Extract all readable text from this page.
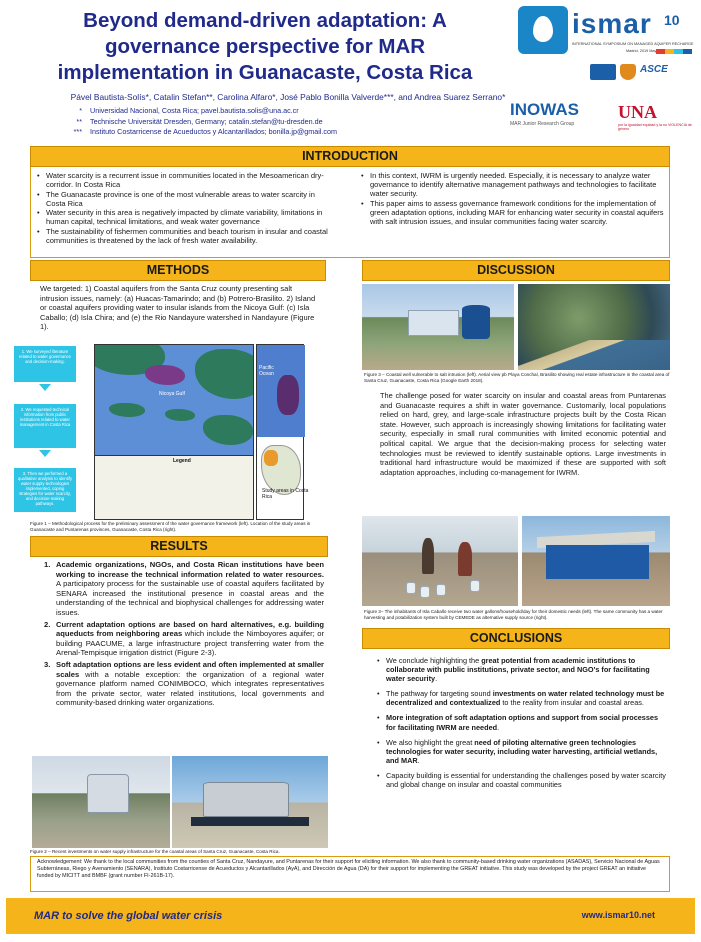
Beyond demand-driven adaptation: A governance perspective for MAR implementation in Guanacaste, Costa Rica
ismar 10
INTERNATIONAL SYMPOSIUM ON MANAGED AQUIFER RECHARGE
Madrid, 2019 May
ASCE
Pável Bautista-Solís*, Catalin Stefan**, Carolina Alfaro*, José Pablo Bonilla Valverde***, and Andrea Suarez Serrano*
* Universidad Nacional, Costa Rica; pavel.bautista.solis@una.ac.cr
** Technische Universität Dresden, Germany; catalin.stefan@tu-dresden.de
*** Instituto Costarricense de Acueductos y Alcantarillados; bonilla.jp@gmail.com
INOWAS
MAR Junior Research Group
UNA
por la igualdad equidad y la no VIOLENCIA de género
INTRODUCTION
• Water scarcity is a recurrent issue in communities located in the Mesoamerican dry-corridor. In Costa Rica
• The Guanacaste province is one of the most vulnerable areas to water scarcity in Costa Rica
• Water security in this area is negatively impacted by climate variability, limitations in human capital, technical limitations, and weak water governance
• The sustainability of fishermen communities and beach tourism in insular and coastal communities is threatened by the lack of fresh water availability.
• In this context, IWRM is urgently needed. Especially, it is necessary to analyze water governance to identify alternative management pathways and technologies to facilitate water security.
• This paper aims to assess governance framework conditions for the implementation of green adaptation options, including MAR for enhancing water security in coastal aquifers with salt intrusion issues, and insular communities facing water scarcity.
METHODS
We targeted: 1) Coastal aquifers from the Santa Cruz county presenting salt intrusion issues, namely: (a) Huacas-Tamarindo; and (b) Potrero-Brasilito. 2) Island or coastal aquifers providing water to insular islands from the Nicoya Gulf: (c) Isla Caballo; (d) Isla Chira; and (e) the Rio Nandayure watershed in Nandayure (Figure 1).
1. We surveyed literature related to water governance and decision-making.
2. We requested technical information from public institutions related to water management in Costa Rica
3. Then we performed a qualitative analysis to identify water supply technologies implemented, coping strategies for water scarcity, and decision-making pathways.
Nicoya Gulf
Legend
Pacific Ocean
Study areas in Costa Rica
Figure 1 – Methodological process for the preliminary assessment of the water governance framework (left). Location of the study areas in Guanacaste and Puntarenas provinces, Guanacaste, Costa Rica (right).
RESULTS
1. Academic organizations, NGOs, and Costa Rican institutions have been working to increase the technical information related to water resources. A participatory process for the sustainable use of coastal aquifers facilitated by SENARA increased the institutional presence in coastal areas and the understanding of the technical and biophysical challenges for addressing water issues.
2. Current adaptation options are based on hard alternatives, e.g. building aqueducts from neighboring areas which include the Nimboyores aquifer; or building PAACUME, a large infrastructure project transferring water from the Arenal-Tempisque irrigation district (Figure 2-3).
3. Soft adaptation options are less evident and often implemented at smaller scales with a notable exception: the organization of a regional water governance platform named CONIMBOCO, which integrates representatives from the private sector, water related institutions, local governments and community-based drinking water organizations.
Figure 2 – Recent investments on water supply infrastructure for the coastal areas of Santa Cruz, Guanacaste, Costa Rica.
DISCUSSION
Figure 3 – Coastal well vulnerable to salt intrusion (left). Aerial view pb Playa Conchal, Brasilito showing real estate infrastructure in the coastal area of Santa Cruz, Guanacaste, Costa Rica (Google Earth 2018).
The challenge posed for water scarcity on insular and coastal areas from Puntarenas and Guanacaste requires a shift in water governance. Customarily, local populations relied on hard, grey, and large-scale infrastructure projects built by the Costa Rican state. However, such approach is increasingly showing limitations for facilitating water security, especially in small rural communities with limited economic potential and political capital. We argue that the decision-making process for selecting water technologies must be reviewed to identify sustainable options. Large investments in traditional hard infrastructure would be maximized if these are supported with soft adaptation approaches, including co-management for IWRM.
Figure 3– The inhabitants of Isla Caballo receive two water gallons/household/day for their domestic needs (left). The same community has a water harvesting and potabilization system built by CEMEDE as alternative supply source (right).
CONCLUSIONS
• We conclude highlighting the great potential from academic institutions to collaborate with public institutions, private sector, and NGO's for facilitating water security.
• The pathway for targeting sound investments on water related technology must be decentralized and contextualized to the reality from insular and coastal areas.
• More integration of soft adaptation options and support from social processes for facilitating IWRM are needed.
• We also highlight the great need of piloting alternative green technologies technologies for water security, including water harvesting, artificial wetlands, and MAR.
• Capacity building is essential for understanding the challenges posed by water scarcity and global change on insular and coastal communities
Acknowledgement: We thank to the local communities from the counties of Santa Cruz, Nandayure, and Puntarenas for their support for eliciting information. We also thank to community-based drinking water organizations (ASADAS), Servicio Nacional de Aguas Subterráneas, Riego y Avenamiento (SENARA), Instituto Costarricense de Acueductos y Alcantarillados (AyA), and Dirección de Agua (DA) for their support for implementing the GREAT initiative. This study was developed by the project GREAT an initiative funded by MICITT and BMBF (grant number FI-261B-17).
MAR to solve the global water crisis	www.ismar10.net
